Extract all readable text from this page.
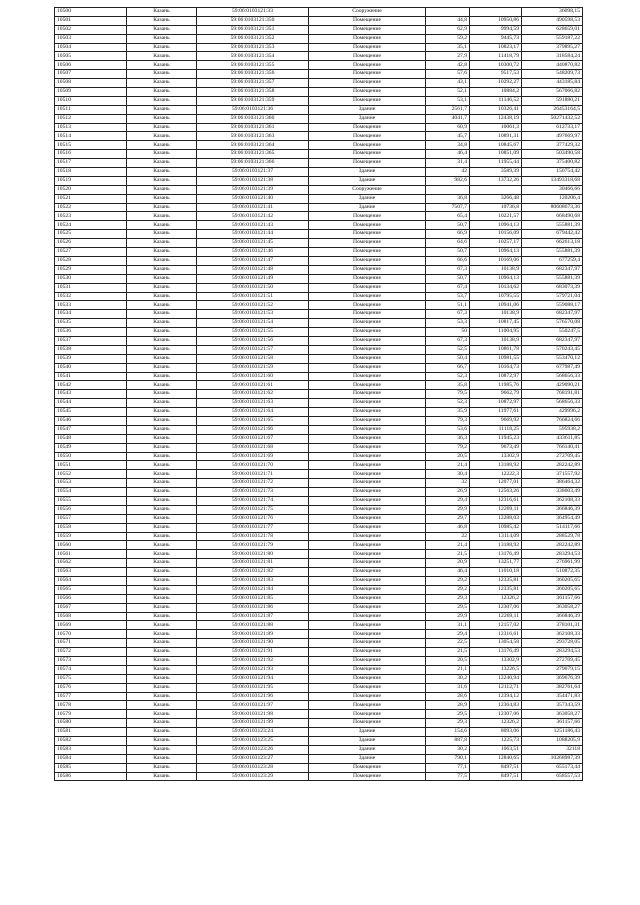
10500	Казань	59:06:0103121:33	Сооружение			36098,15
10501	Казань	59:06:0103121:350	Помещение	44,8	10950,86	490598,53
10502	Казань	59:06:0103121:351	Помещение	62,9	9994,59	628659,01
10503	Казань	59:06:0103121:352	Помещение	59,2	9445,73	559187,22
10504	Казань	59:06:0103121:353	Помещение	35,1	10823,17	379895,27
10505	Казань	59:06:0103121:354	Помещение	27,9	11418,79	318584,24
10506	Казань	59:06:0103121:355	Помещение	42,8	10300,72	440870,82
10507	Казань	59:06:0103121:356	Помещение	57,6	9517,53	548209,73
10508	Казань	59:06:0103121:357	Помещение	43,1	10292,27	443185,84
10509	Казань	59:06:0103121:358	Помещение	52,1	10884,2	567066,82
10510	Казань	59:06:0103121:359	Помещение	53,1	11146,52	591880,21
10511	Казань	59:06:0103121:36	Здание	2561,7	10326,41	26453164,5
10512	Казань	59:06:0103121:360	Здание	4041,7	12438,19	50271432,52
10513	Казань	59:06:0103121:361	Помещение	60,9	10061,3	612733,17
10514	Казань	59:06:0103121:363	Помещение	45,7	10891,31	497669,97
10515	Казань	59:06:0103121:364	Помещение	34,8	10845,67	377429,32
10516	Казань	59:06:0103121:365	Помещение	46,4	10851,09	503490,58
10517	Казань	59:06:0103121:366	Помещение	31,4	11955,44	375400,82
10518	Казань	59:06:0103121:37	Здание	42	3589,39	150754,42
10519	Казань	59:06:0103121:38	Здание	982,6	13732,26	13493318,68
10520	Казань	59:06:0103121:39	Сооружение			30466,66
10521	Казань	59:06:0103121:40	Здание	36,8	3266,48	120206,4
10522	Казань	59:06:0103121:41	Здание	7507,7	10736,8	80608673,36
10523	Казань	59:06:0103121:42	Помещение	65,4	10221,57	668490,68
10524	Казань	59:06:0103121:43	Помещение	50,7	10964,13	555881,39
10525	Казань	59:06:0103121:44	Помещение	66,9	10156,09	679442,42
10526	Казань	59:06:0103121:45	Помещение	64,6	10257,17	662613,18
10527	Казань	59:06:0103121:46	Помещение	50,7	10964,13	555881,39
10528	Казань	59:06:0103121:47	Помещение	66,6	10169,06	677259,4
10529	Казань	59:06:0103121:48	Помещение	67,3	10138,9	682347,97
10530	Казань	59:06:0103121:49	Помещение	50,7	10964,13	555881,39
10531	Казань	59:06:0103121:50	Помещение	67,4	10134,62	683073,39
10532	Казань	59:06:0103121:51	Помещение	53,7	10795,55	579721,04
10533	Казань	59:06:0103121:52	Помещение	51,1	10941,06	559088,17
10534	Казань	59:06:0103121:53	Помещение	67,3	10138,9	682347,97
10535	Казань	59:06:0103121:54	Помещение	53,3	10817,45	576570,08
10536	Казань	59:06:0103121:55	Помещение	50	11004,95	550247,5
10537	Казань	59:06:0103121:56	Помещение	67,3	10138,9	682347,97
10538	Казань	59:06:0103121:57	Помещение	52,5	10861,78	570243,45
10539	Казань	59:06:0103121:58	Помещение	50,4	10981,55	553470,12
10540	Казань	59:06:0103121:59	Помещение	66,7	10164,73	677987,49
10541	Казань	59:06:0103121:60	Помещение	52,3	10872,97	568656,33
10542	Казань	59:06:0103121:61	Помещение	35,8	11985,76	429090,21
10543	Казань	59:06:0103121:62	Помещение	79,5	9662,79	768191,81
10544	Казань	59:06:0103121:63	Помещение	52,3	10872,97	568656,33
10545	Казань	59:06:0103121:64	Помещение	35,9	11977,61	429996,2
10546	Казань	59:06:0103121:65	Помещение	79,3	9669,92	766824,66
10547	Казань	59:06:0103121:66	Помещение	53,6	11118,25	595938,2
10548	Казань	59:06:0103121:67	Помещение	36,3	11945,23	433611,85
10549	Казань	59:06:0103121:68	Помещение	79,2	9673,49	766140,41
10550	Казань	59:06:0103121:69	Помещение	20,5	13302,9	272709,45
10551	Казань	59:06:0103121:70	Помещение	21,4	13188,92	282242,89
10552	Казань	59:06:0103121:71	Помещение	30,4	12222,3	371557,92
10553	Казань	59:06:0103121:72	Помещение	32	12077,01	386464,32
10554	Казань	59:06:0103121:73	Помещение	26,9	12563,26	338003,49
10555	Казань	59:06:0103121:74	Помещение	29,4	12316,61	362108,33
10556	Казань	59:06:0103121:75	Помещение	29,9	12269,11	366846,39
10557	Казань	59:06:0103121:76	Помещение	29,7	12288,03	364954,49
10558	Казань	59:06:0103121:77	Помещение	46,8	10985,42	514117,66
10559	Казань	59:06:0103121:78	Помещение	22	13114,09	288529,78
10560	Казань	59:06:0103121:79	Помещение	21,4	13188,92	282242,89
10561	Казань	59:06:0103121:80	Помещение	21,5	13176,49	283294,53
10562	Казань	59:06:0103121:81	Помещение	20,9	13251,77	276961,99
10563	Казань	59:06:0103121:82	Помещение	46,4	11010,18	510872,35
10564	Казань	59:06:0103121:83	Помещение	29,2	12335,81	360205,65
10565	Казань	59:06:0103121:84	Помещение	29,2	12335,81	360205,65
10566	Казань	59:06:0103121:85	Помещение	29,3	12326,2	361157,66
10567	Казань	59:06:0103121:86	Помещение	29,5	12307,06	363058,27
10568	Казань	59:06:0103121:87	Помещение	29,9	12269,11	366846,39
10569	Казань	59:06:0103121:88	Помещение	31,1	12157,02	378101,31
10570	Казань	59:06:0103121:89	Помещение	29,4	12316,61	362108,33
10571	Казань	59:06:0103121:90	Помещение	22,5	13054,58	293728,05
10572	Казань	59:06:0103121:91	Помещение	21,5	13176,49	283294,53
10573	Казань	59:06:0103121:92	Помещение	20,5	13302,9	272709,45
10574	Казань	59:06:0103121:93	Помещение	21,1	13226,5	279079,15
10575	Казань	59:06:0103121:94	Помещение	30,2	12240,94	369676,39
10576	Казань	59:06:0103121:95	Помещение	31,6	12112,71	382761,64
10577	Казань	59:06:0103121:96	Помещение	28,6	12394,12	354471,83
10578	Казань	59:06:0103121:97	Помещение	28,9	12364,83	357343,59
10579	Казань	59:06:0103121:98	Помещение	29,5	12307,06	363058,27
10580	Казань	59:06:0103121:99	Помещение	29,3	12326,2	361157,66
10581	Казань	59:06:0103123:24	Здание	154,6	8093,06	1251186,43
10582	Казань	59:06:0103123:25	Здание	887,8	1225,73	1088205,9
10583	Казань	59:06:0103123:26	Здание	30,2	1063,51	32118
10584	Казань	59:06:0103123:27	Здание	790,1	12840,65	10268987,39
10585	Казань	59:06:0103123:28	Помещение	77,1	8497,51	655173,44
10586	Казань	59:06:0103123:29	Помещение	77,5	8497,51	658557,53
